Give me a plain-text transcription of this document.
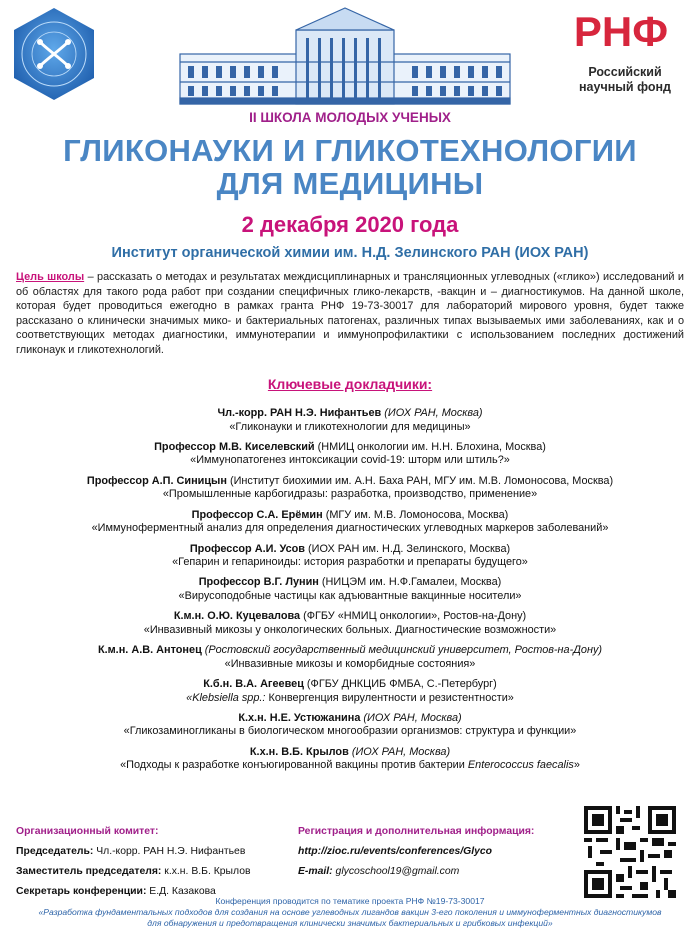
РНФ
Российский
научный фонд
II ШКОЛА МОЛОДЫХ УЧЕНЫХ
ГЛИКОНАУКИ И ГЛИКОТЕХНОЛОГИИ
ДЛЯ МЕДИЦИНЫ
2 декабря 2020 года
Институт органической химии им. Н.Д. Зелинского РАН (ИОХ РАН)
Цель школы – рассказать о методах и результатах междисциплинарных и трансляционных углеводных («глико») исследований и об областях для такого рода работ при создании специфичных глико-лекарств, -вакцин и – диагностикумов. На данной школе, которая будет проводиться ежегодно в рамках гранта РНФ 19-73-30017 для лабораторий мирового уровня, будет также рассказано о клинически значимых мико- и бактериальных патогенах, различных типах вызываемых ими заболеваниях, как и о соответствующих методах диагностики, иммунотерапии и иммунопрофилактики с использованием последних достижений гликонаук и гликотехнологий.
Ключевые докладчики:
Чл.-корр. РАН Н.Э. Нифантьев (ИОХ РАН, Москва)
«Гликонауки и гликотехнологии для медицины»
Профессор М.В. Киселевский (НМИЦ онкологии им. Н.Н. Блохина, Москва)
«Иммунопатогенез интоксикации covid-19: шторм или штиль?»
Профессор А.П. Синицын (Институт биохимии им. А.Н. Баха РАН, МГУ им. М.В. Ломоносова, Москва)
«Промышленные карбогидразы: разработка, производство, применение»
Профессор С.А. Ерёмин (МГУ им. М.В. Ломоносова, Москва)
«Иммуноферментный анализ для определения диагностических углеводных маркеров заболеваний»
Профессор А.И. Усов (ИОХ РАН им. Н.Д. Зелинского, Москва)
«Гепарин и гепариноиды: история разработки и препараты будущего»
Профессор В.Г. Лунин (НИЦЭМ им. Н.Ф.Гамалеи, Москва)
«Вирусоподобные частицы как адъювантные вакцинные носители»
К.м.н. О.Ю. Куцевалова (ФГБУ «НМИЦ онкологии», Ростов-на-Дону)
«Инвазивный микозы у онкологических больных. Диагностические возможности»
К.м.н. А.В. Антонец (Ростовский государственный медицинский университет, Ростов-на-Дону)
«Инвазивные микозы и коморбидные состояния»
К.б.н. В.А. Агеевец (ФГБУ ДНКЦИБ ФМБА, С.-Петербург)
«Klebsiella spp.: Конвергенция вирулентности и резистентности»
К.х.н. Н.Е. Устюжанина (ИОХ РАН, Москва)
«Гликозаминогликаны в биологическом многообразии организмов: структура и функции»
К.х.н. В.Б. Крылов (ИОХ РАН, Москва)
«Подходы к разработке конъюгированной вакцины против бактерии Enterococcus faecalis»
Организационный комитет:
Председатель: Чл.-корр. РАН Н.Э. Нифантьев
Заместитель председателя: к.х.н. В.Б. Крылов
Секретарь конференции: Е.Д. Казакова
Регистрация и дополнительная информация:
http://zioc.ru/events/conferences/Glyco
E-mail: glycoschool19@gmail.com
Конференция проводится по тематике проекта РНФ №19-73-30017
«Разработка фундаментальных подходов для создания на основе углеводных лигандов вакцин 3-его поколения и иммуноферментных диагностикумов
для обнаружения и предотвращения клинически значимых бактериальных и грибковых инфекций»
